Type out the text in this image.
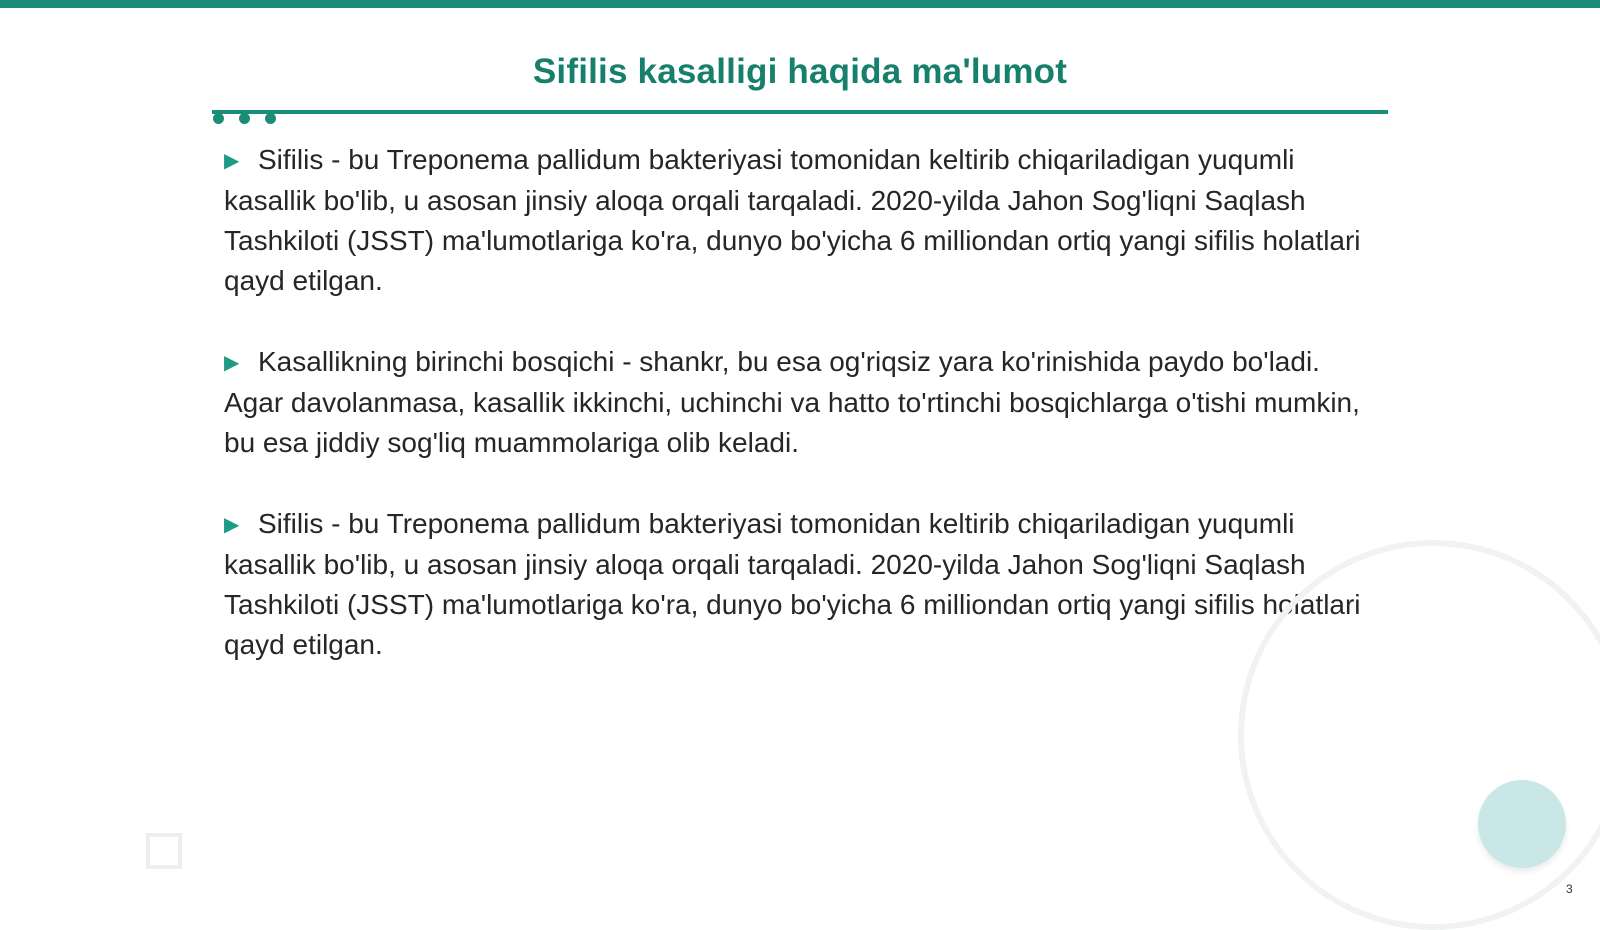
Sifilis kasalligi haqida ma'lumot

▶ Sifilis - bu Treponema pallidum bakteriyasi tomonidan keltirib chiqariladigan yuqumli kasallik bo'lib, u asosan jinsiy aloqa orqali tarqaladi. 2020-yilda Jahon Sog'liqni Saqlash Tashkiloti (JSST) ma'lumotlariga ko'ra, dunyo bo'yicha 6 milliondan ortiq yangi sifilis holatlari qayd etilgan.

▶ Kasallikning birinchi bosqichi - shankr, bu esa og'riqsiz yara ko'rinishida paydo bo'ladi. Agar davolanmasa, kasallik ikkinchi, uchinchi va hatto to'rtinchi bosqichlarga o'tishi mumkin, bu esa jiddiy sog'liq muammolariga olib keladi.

▶ Sifilis - bu Treponema pallidum bakteriyasi tomonidan keltirib chiqariladigan yuqumli kasallik bo'lib, u asosan jinsiy aloqa orqali tarqaladi. 2020-yilda Jahon Sog'liqni Saqlash Tashkiloti (JSST) ma'lumotlariga ko'ra, dunyo bo'yicha 6 milliondan ortiq yangi sifilis holatlari qayd etilgan.

3
